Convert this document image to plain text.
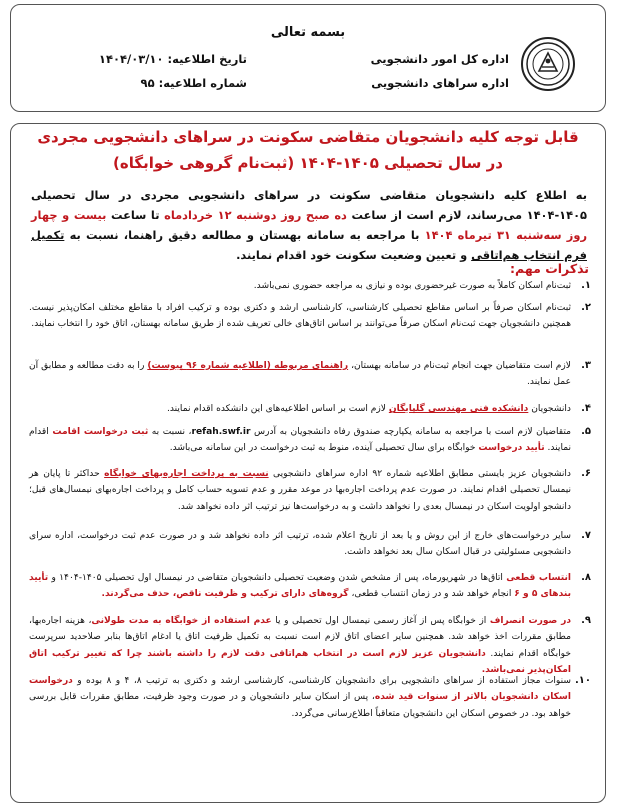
بسمه تعالی
اداره کل امور دانشجویی
اداره سراهای دانشجویی
تاریخ اطلاعیه: ۱۴۰۴/۰۳/۱۰
شماره اطلاعیه: ۹۵
قابل توجه کلیه دانشجویان متقاضی سکونت در سراهای دانشجویی مجردی
در سال تحصیلی ۱۴۰۵-۱۴۰۴ (ثبت‌نام گروهی خوابگاه)
به اطلاع کلیه دانشجویان متقاضی سکونت در سراهای دانشجویی مجردی در سال تحصیلی ۱۴۰۵-۱۴۰۴ می‌رساند، لازم است از ساعت ده صبح روز دوشنبه ۱۲ خردادماه تا ساعت بیست و چهار روز سه‌شنبه ۳۱ تیرماه ۱۴۰۴ با مراجعه به سامانه بهستان و مطالعه دقیق راهنما، نسبت به تکمیل فرم انتخاب هم‌اتاقی و تعیین وضعیت سکونت خود اقدام نمایند.
تذکرات مهم:
۱.
ثبت‌نام اسکان کاملاً به صورت غیرحضوری بوده و نیازی به مراجعه حضوری نمی‌باشد.
۲.
ثبت‌نام اسکان صرفاً بر اساس مقاطع تحصیلی کارشناسی، کارشناسی ارشد و دکتری بوده و ترکیب افراد با مقاطع مختلف امکان‌پذیر نیست. همچنین دانشجویان جهت ثبت‌نام اسکان صرفاً می‌توانند بر اساس اتاق‌های خالی تعریف شده از طریق سامانه بهستان، اتاق خود را انتخاب نمایند.
۳.
لازم است متقاضیان جهت انجام ثبت‌نام در سامانه بهستان، راهنمای مربوطه (اطلاعیه شماره ۹۶ پیوست) را به دقت مطالعه و مطابق آن عمل نمایند.
۴.
دانشجویان دانشکده فنی مهندسی گلپایگان لازم است بر اساس اطلاعیه‌های این دانشکده اقدام نمایند.
۵.
متقاضیان لازم است با مراجعه به سامانه یکپارچه صندوق رفاه دانشجویان به آدرس refah.swf.ir، نسبت به ثبت درخواست اقامت اقدام نمایند. تأیید درخواست خوابگاه برای سال تحصیلی آینده، منوط به ثبت درخواست در این سامانه می‌باشد.
۶.
دانشجویان عزیز بایستی مطابق اطلاعیه شماره ۹۲ اداره سراهای دانشجویی نسبت به پرداخت اجاره‌بهای خوابگاه حداکثر تا پایان هر نیمسال تحصیلی اقدام نمایند. در صورت عدم پرداخت اجاره‌بها در موعد مقرر و عدم تسویه حساب کامل و پرداخت اجاره‌بهای نیمسال‌های قبل؛ دانشجو اولویت اسکان در نیمسال بعدی را نخواهد داشت و به درخواست‌ها نیز ترتیب اثر داده نخواهد شد.
۷.
سایر درخواست‌های خارج از این روش و یا بعد از تاریخ اعلام شده، ترتیب اثر داده نخواهد شد و در صورت عدم ثبت درخواست، اداره سرای دانشجویی مسئولیتی در قبال اسکان سال بعد نخواهد داشت.
۸.
انتساب قطعی اتاق‌ها در شهریورماه، پس از مشخص شدن وضعیت تحصیلی دانشجویان متقاضی در نیمسال اول تحصیلی ۱۴۰۵-۱۴۰۴ و تأیید بندهای ۵ و ۶ انجام خواهد شد و در زمان انتساب قطعی، گروه‌های دارای ترکیب و ظرفیت ناقص، حذف می‌گردند.
۹.
در صورت انصراف از خوابگاه پس از آغاز رسمی نیمسال اول تحصیلی و یا عدم استفاده از خوابگاه به مدت طولانی، هزینه اجاره‌بها، مطابق مقررات اخذ خواهد شد. همچنین سایر اعضای اتاق لازم است نسبت به تکمیل ظرفیت اتاق یا ادغام اتاق‌ها بنابر صلاحدید سرپرست خوابگاه اقدام نمایند. دانشجویان عزیز لازم است در انتخاب هم‌اتاقی دقت لازم را داشته باشند چرا که تغییر ترکیب اتاق امکان‌پذیر نمی‌باشد.
۱۰.
سنوات مجاز استفاده از سراهای دانشجویی برای دانشجویان کارشناسی، کارشناسی ارشد و دکتری به ترتیب ۸، ۴ و ۸ بوده و درخواست اسکان دانشجویان بالاتر از سنوات قید شده، پس از اسکان سایر دانشجویان و در صورت وجود ظرفیت، مطابق مقررات قابل بررسی خواهد بود. در خصوص اسکان این دانشجویان متعاقباً اطلاع‌رسانی می‌گردد.
